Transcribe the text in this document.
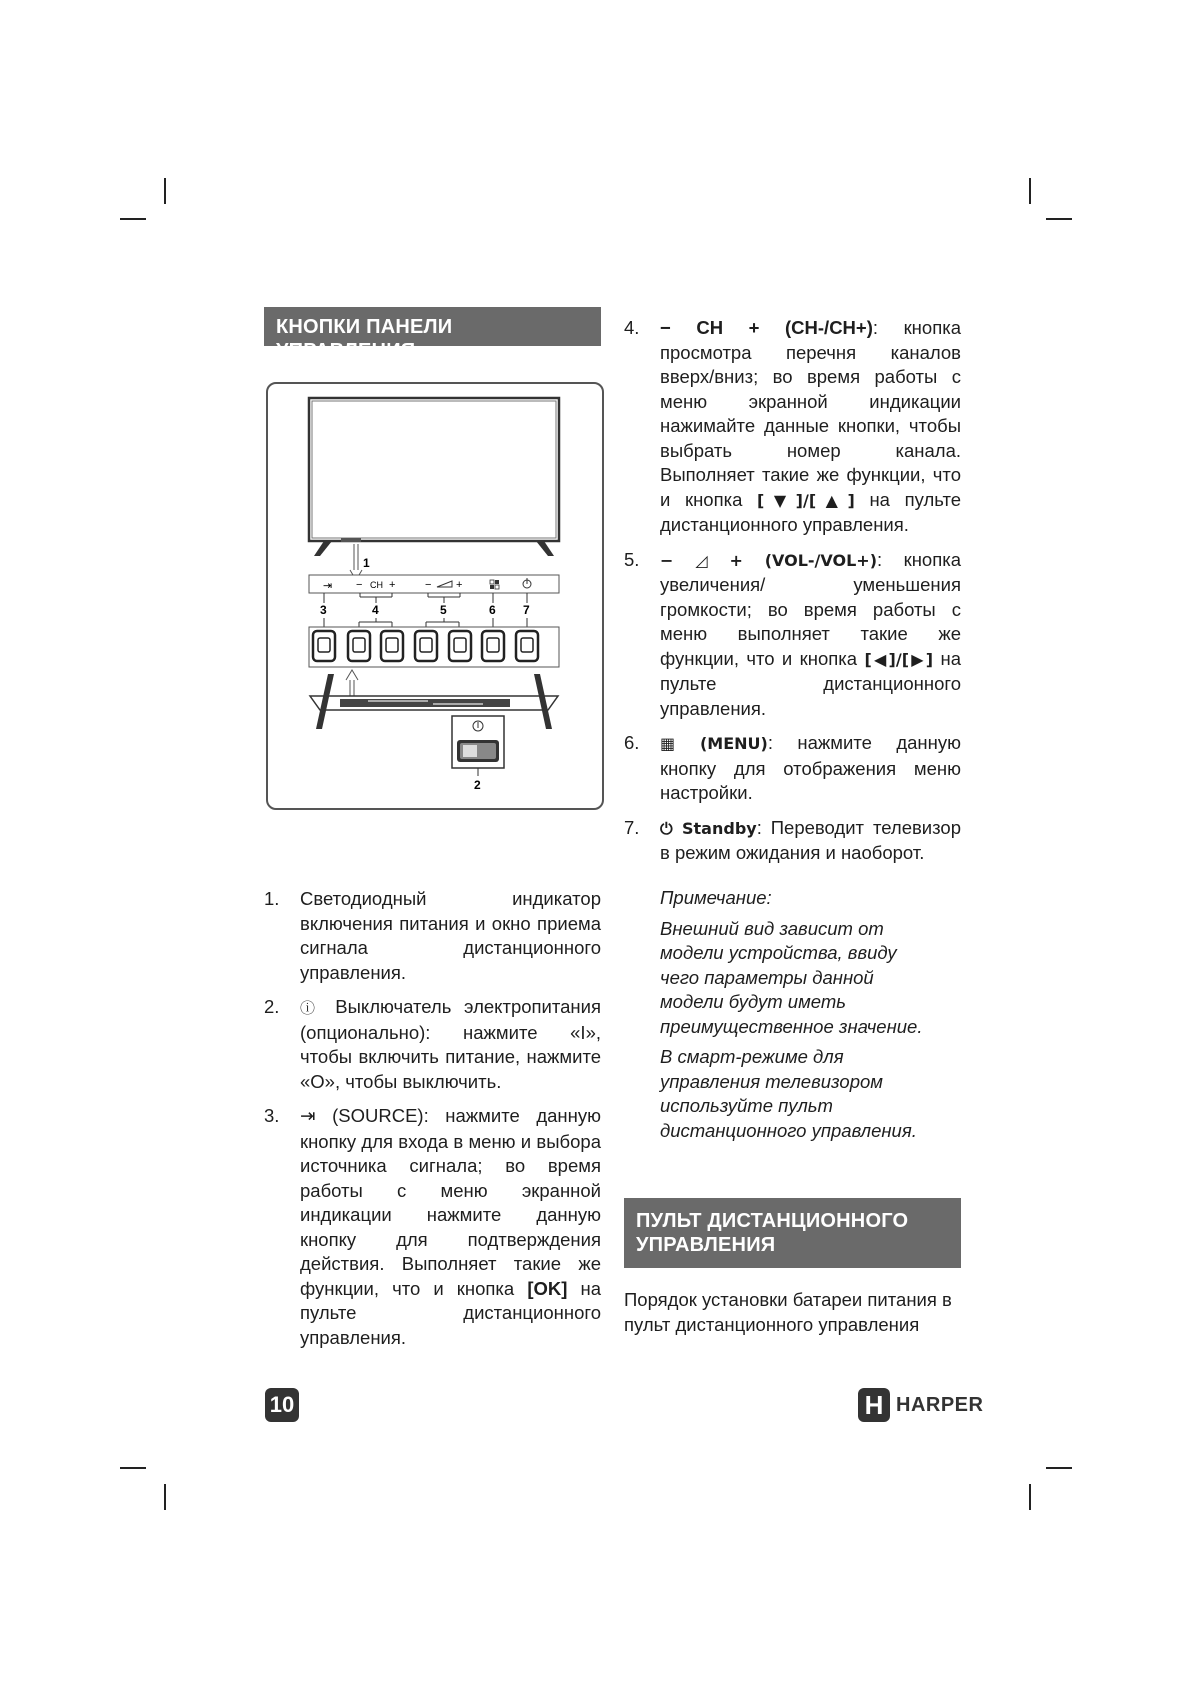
КНОПКИ ПАНЕЛИ УПРАВЛЕНИЯ
1
⇥ − CH +	− +
3	4	5	6 7
2
1. Светодиодный индикатор включения питания и окно приема сигнала дистанционного управления.
2. ⓘ Выключатель электропитания (опционально): нажмите «I», чтобы включить питание, нажмите «O», чтобы выключить.
3. ⇥ (SOURCE): нажмите данную кнопку для входа в меню и выбора источника сигнала; во время работы с меню экранной индикации нажмите данную кнопку для подтверждения действия. Выполняет такие же функции, что и кнопка [OK] на пульте дистанционного управления.
4. − CH + (CH-/CH+): кнопка просмотра перечня каналов вверх/вниз; во время работы с меню экранной индикации нажимайте данные кнопки, чтобы выбрать номер канала. Выполняет такие же функции, что и кнопка [▼]/[▲] на пульте дистанционного управления.
5. − ◿ + (VOL-/VOL+): кнопка увеличения/ уменьшения громкости; во время работы с меню выполняет такие же функции, что и кнопка [◀]/[▶] на пульте дистанционного управления.
6. ▦ (MENU): нажмите данную кнопку для отображения меню настройки.
7. ⏻ Standby: Переводит телевизор в режим ожидания и наоборот.

Примечание:

Внешний вид зависит от модели устройства, ввиду чего параметры данной модели будут иметь преимущественное значение.

В смарт-режиме для управления телевизором используйте пульт дистанционного управления.

ПУЛЬТ ДИСТАНЦИОННОГО УПРАВЛЕНИЯ
Порядок установки батареи питания в пульт дистанционного управления
10	H HARPER
